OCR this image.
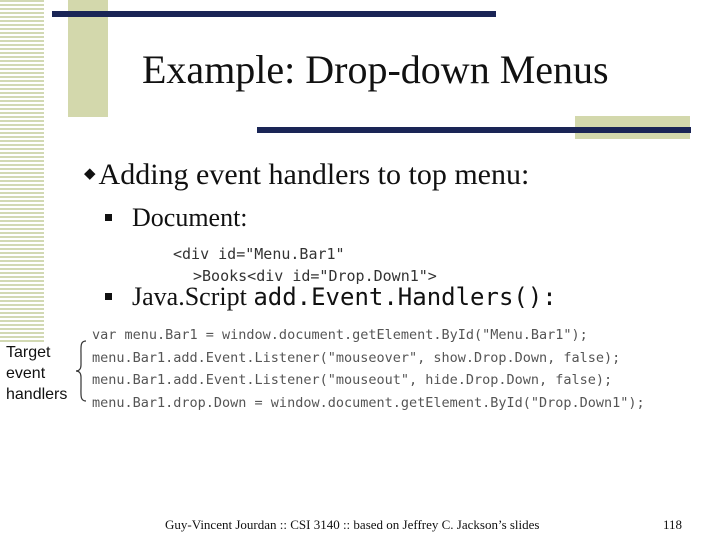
Example: Drop-down Menus
◆ Adding event handlers to top menu:
Document:
<div id="Menu.Bar1"
>Books<div id="Drop.Down1">
Java.Script add.Event.Handlers():
var menu.Bar1 = window.document.getElement.ById("Menu.Bar1");
menu.Bar1.add.Event.Listener("mouseover", show.Drop.Down, false);
menu.Bar1.add.Event.Listener("mouseout", hide.Drop.Down, false);
menu.Bar1.drop.Down = window.document.getElement.ById("Drop.Down1");
Target
event
handlers
Guy-Vincent Jourdan :: CSI 3140 :: based on Jeffrey C. Jackson’s slides	118
